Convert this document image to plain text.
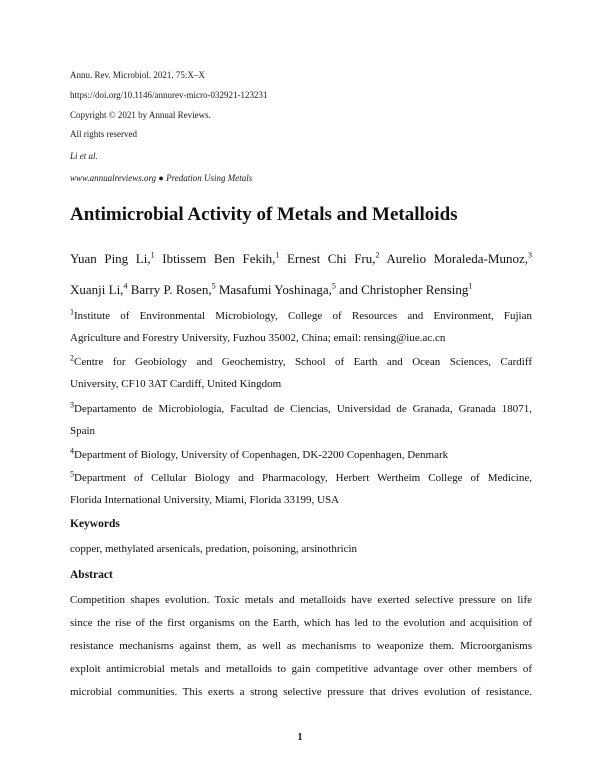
Annu. Rev. Microbiol. 2021. 75:X–X
https://doi.org/10.1146/annurev-micro-032921-123231
Copyright © 2021 by Annual Reviews.
All rights reserved
Li et al.
www.annualreviews.org ● Predation Using Metals
Antimicrobial Activity of Metals and Metalloids
Yuan Ping Li,$^1$ Ibtissem Ben Fekih,$^1$ Ernest Chi Fru,$^2$ Aurelio Moraleda-Munoz,$^3$
Xuanji Li,$^4$ Barry P. Rosen,$^5$ Masafumi Yoshinaga,$^5$ and Christopher Rensing$^1$
$^1$Institute of Environmental Microbiology, College of Resources and Environment, Fujian
Agriculture and Forestry University, Fuzhou 35002, China; email: rensing@iue.ac.cn
$^2$Centre for Geobiology and Geochemistry, School of Earth and Ocean Sciences, Cardiff
University, CF10 3AT Cardiff, United Kingdom
$^3$Departamento de Microbiología, Facultad de Ciencias, Universidad de Granada, Granada 18071,
Spain
$^4$Department of Biology, University of Copenhagen, DK-2200 Copenhagen, Denmark
$^5$Department of Cellular Biology and Pharmacology, Herbert Wertheim College of Medicine,
Florida International University, Miami, Florida 33199, USA
Keywords
copper, methylated arsenicals, predation, poisoning, arsinothricin
Abstract
Competition shapes evolution. Toxic metals and metalloids have exerted selective pressure on life
since the rise of the first organisms on the Earth, which has led to the evolution and acquisition of
resistance mechanisms against them, as well as mechanisms to weaponize them. Microorganisms
exploit antimicrobial metals and metalloids to gain competitive advantage over other members of
microbial communities. This exerts a strong selective pressure that drives evolution of resistance.
1
